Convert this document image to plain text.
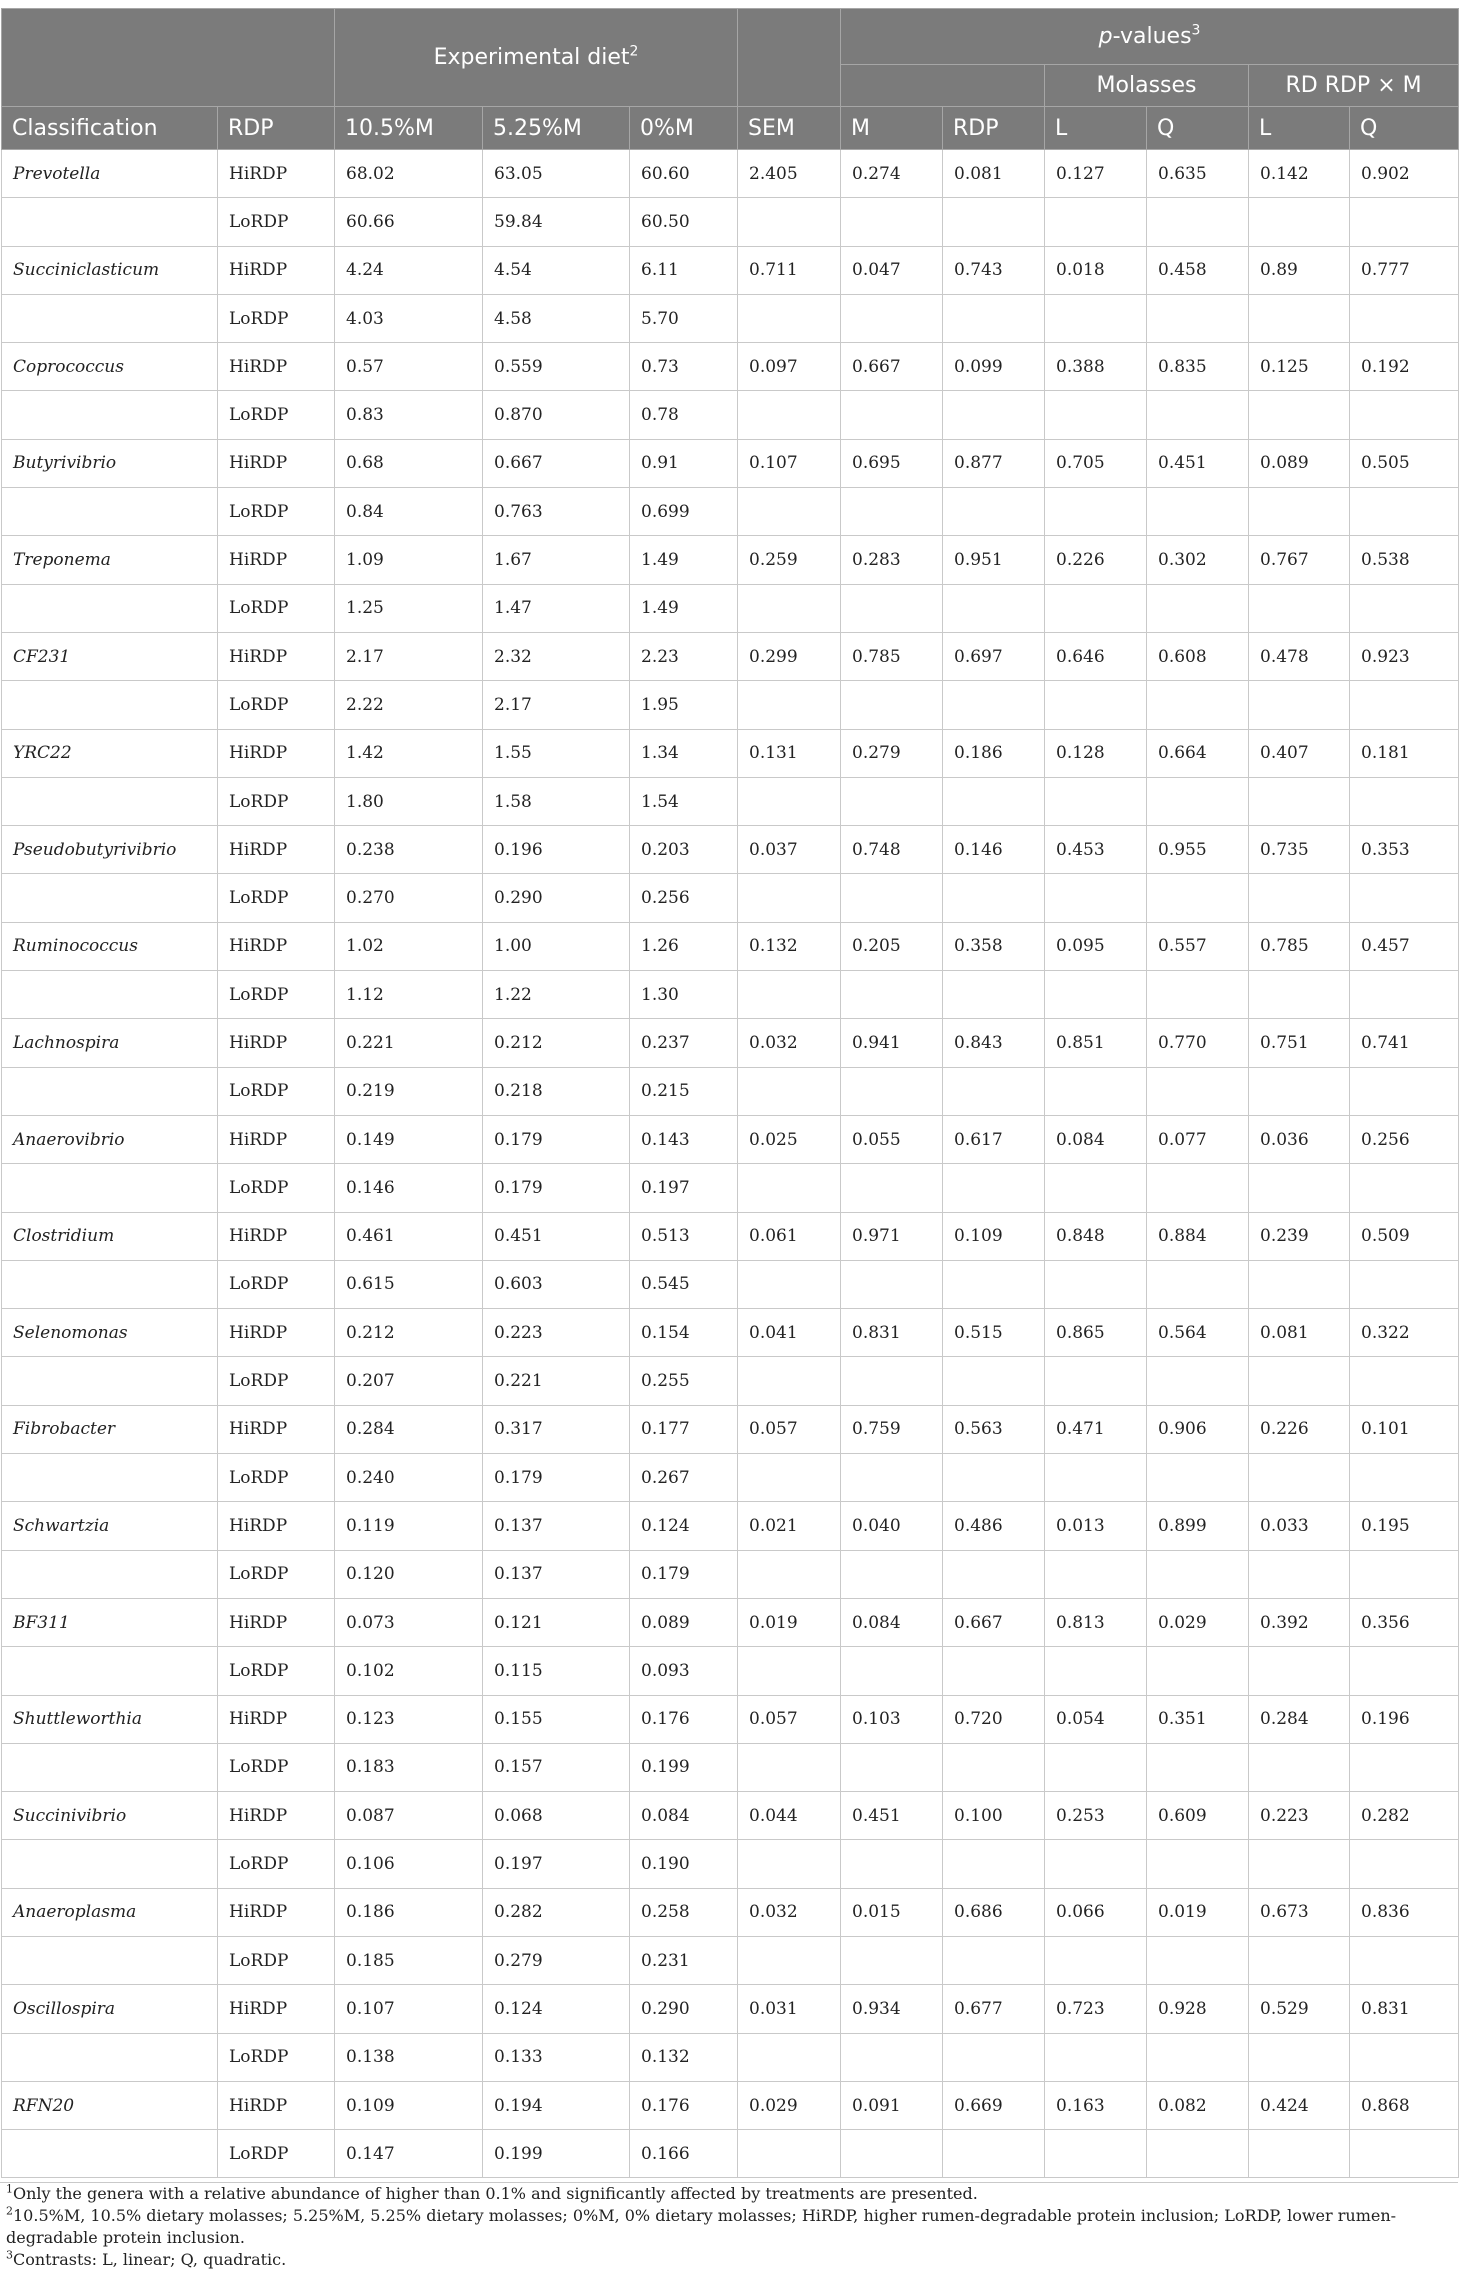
		Experimental diet$^2$				p-values$^3$
								Molasses		RD RDP × M	
Classification	RDP	10.5%M	5.25%M	0%M	SEM	M	RDP	L	Q	L	Q
Prevotella	HiRDP	68.02	63.05	60.60	2.405	0.274	0.081	0.127	0.635	0.142	0.902
	LoRDP	60.66	59.84	60.50							
Succiniclasticum	HiRDP	4.24	4.54	6.11	0.711	0.047	0.743	0.018	0.458	0.89	0.777
	LoRDP	4.03	4.58	5.70							
Coprococcus	HiRDP	0.57	0.559	0.73	0.097	0.667	0.099	0.388	0.835	0.125	0.192
	LoRDP	0.83	0.870	0.78							
Butyrivibrio	HiRDP	0.68	0.667	0.91	0.107	0.695	0.877	0.705	0.451	0.089	0.505
	LoRDP	0.84	0.763	0.699							
Treponema	HiRDP	1.09	1.67	1.49	0.259	0.283	0.951	0.226	0.302	0.767	0.538
	LoRDP	1.25	1.47	1.49							
CF231	HiRDP	2.17	2.32	2.23	0.299	0.785	0.697	0.646	0.608	0.478	0.923
	LoRDP	2.22	2.17	1.95							
YRC22	HiRDP	1.42	1.55	1.34	0.131	0.279	0.186	0.128	0.664	0.407	0.181
	LoRDP	1.80	1.58	1.54							
Pseudobutyrivibrio	HiRDP	0.238	0.196	0.203	0.037	0.748	0.146	0.453	0.955	0.735	0.353
	LoRDP	0.270	0.290	0.256							
Ruminococcus	HiRDP	1.02	1.00	1.26	0.132	0.205	0.358	0.095	0.557	0.785	0.457
	LoRDP	1.12	1.22	1.30							
Lachnospira	HiRDP	0.221	0.212	0.237	0.032	0.941	0.843	0.851	0.770	0.751	0.741
	LoRDP	0.219	0.218	0.215							
Anaerovibrio	HiRDP	0.149	0.179	0.143	0.025	0.055	0.617	0.084	0.077	0.036	0.256
	LoRDP	0.146	0.179	0.197							
Clostridium	HiRDP	0.461	0.451	0.513	0.061	0.971	0.109	0.848	0.884	0.239	0.509
	LoRDP	0.615	0.603	0.545							
Selenomonas	HiRDP	0.212	0.223	0.154	0.041	0.831	0.515	0.865	0.564	0.081	0.322
	LoRDP	0.207	0.221	0.255							
Fibrobacter	HiRDP	0.284	0.317	0.177	0.057	0.759	0.563	0.471	0.906	0.226	0.101
	LoRDP	0.240	0.179	0.267							
Schwartzia	HiRDP	0.119	0.137	0.124	0.021	0.040	0.486	0.013	0.899	0.033	0.195
	LoRDP	0.120	0.137	0.179							
BF311	HiRDP	0.073	0.121	0.089	0.019	0.084	0.667	0.813	0.029	0.392	0.356
	LoRDP	0.102	0.115	0.093							
Shuttleworthia	HiRDP	0.123	0.155	0.176	0.057	0.103	0.720	0.054	0.351	0.284	0.196
	LoRDP	0.183	0.157	0.199							
Succinivibrio	HiRDP	0.087	0.068	0.084	0.044	0.451	0.100	0.253	0.609	0.223	0.282
	LoRDP	0.106	0.197	0.190							
Anaeroplasma	HiRDP	0.186	0.282	0.258	0.032	0.015	0.686	0.066	0.019	0.673	0.836
	LoRDP	0.185	0.279	0.231							
Oscillospira	HiRDP	0.107	0.124	0.290	0.031	0.934	0.677	0.723	0.928	0.529	0.831
	LoRDP	0.138	0.133	0.132							
RFN20	HiRDP	0.109	0.194	0.176	0.029	0.091	0.669	0.163	0.082	0.424	0.868
	LoRDP	0.147	0.199	0.166							

$^1$Only the genera with a relative abundance of higher than 0.1% and significantly affected by treatments are presented.

$^2$10.5%M, 10.5% dietary molasses; 5.25%M, 5.25% dietary molasses; 0%M, 0% dietary molasses; HiRDP, higher rumen-degradable protein inclusion; LoRDP, lower rumen-degradable protein inclusion.

$^3$Contrasts: L, linear; Q, quadratic.
